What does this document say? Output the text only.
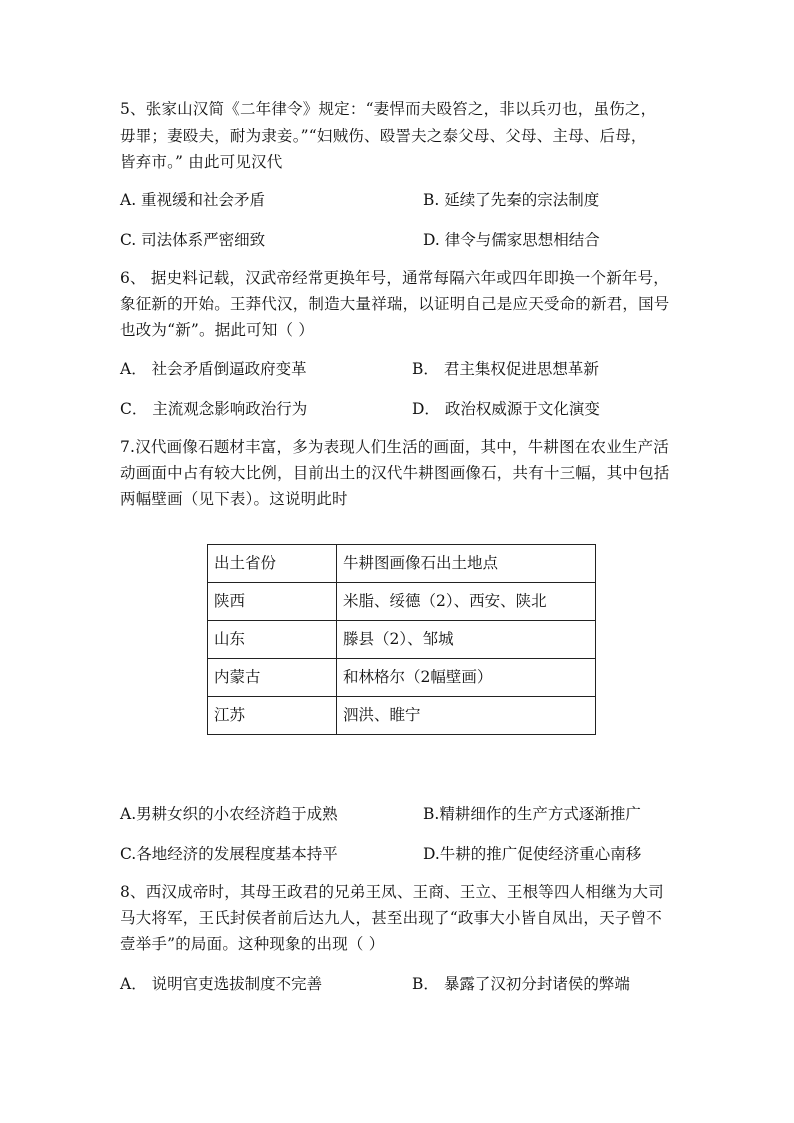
5、张家山汉简《二年律令》规定：“妻悍而夫殴笞之，非以兵刃也，虽伤之，
毋罪；妻殴夫，耐为隶妾。”“妇贼伤、殴詈夫之泰父母、父母、主母、后母，
皆弃市。” 由此可见汉代
A. 重视缓和社会矛盾	B. 延续了先秦的宗法制度
C. 司法体系严密细致	D. 律令与儒家思想相结合
6、 据史料记载，汉武帝经常更换年号，通常每隔六年或四年即换一个新年号，
象征新的开始。王莽代汉，制造大量祥瑞，以证明自己是应天受命的新君，国号
也改为“新”。据此可知（ ）
A． 社会矛盾倒逼政府变革	B． 君主集权促进思想革新
C． 主流观念影响政治行为	D． 政治权威源于文化演变
7.汉代画像石题材丰富，多为表现人们生活的画面，其中，牛耕图在农业生产活
动画面中占有较大比例，目前出土的汉代牛耕图画像石，共有十三幅，其中包括
两幅壁画（见下表）。这说明此时
出土省份	牛耕图画像石出土地点
陕西	米脂、绥德（2）、西安、陕北
山东	滕县（2）、邹城
内蒙古	和林格尔（2幅壁画）
江苏	泗洪、睢宁
A.男耕女织的小农经济趋于成熟	B.精耕细作的生产方式逐渐推广
C.各地经济的发展程度基本持平	D.牛耕的推广促使经济重心南移
8、西汉成帝时，其母王政君的兄弟王凤、王商、王立、王根等四人相继为大司
马大将军，王氏封侯者前后达九人，甚至出现了“政事大小皆自凤出，天子曾不
壹举手”的局面。这种现象的出现（ ）
A． 说明官吏选拔制度不完善	B． 暴露了汉初分封诸侯的弊端
